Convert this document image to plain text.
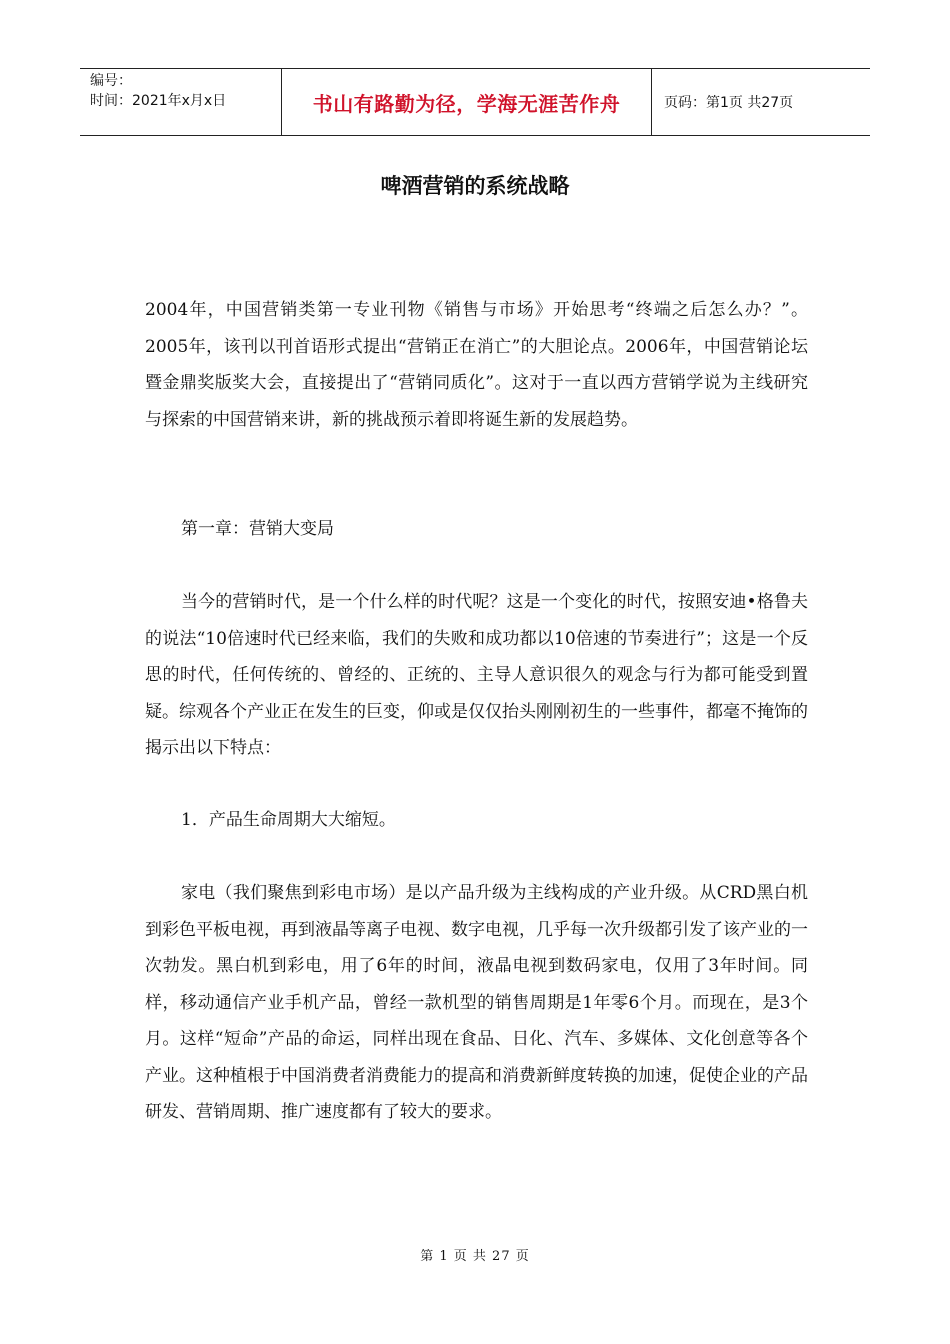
编号：
时间：2021年x月x日	书山有路勤为径，学海无涯苦作舟	页码：第1页 共27页
啤酒营销的系统战略

2004年，中国营销类第一专业刊物《销售与市场》开始思考“终端之后怎么办？”。2005年，该刊以刊首语形式提出“营销正在消亡”的大胆论点。2006年，中国营销论坛暨金鼎奖版奖大会，直接提出了“营销同质化”。这对于一直以西方营销学说为主线研究与探索的中国营销来讲，新的挑战预示着即将诞生新的发展趋势。

第一章：营销大变局

当今的营销时代，是一个什么样的时代呢？这是一个变化的时代，按照安迪•格鲁夫的说法“10倍速时代已经来临，我们的失败和成功都以10倍速的节奏进行”；这是一个反思的时代，任何传统的、曾经的、正统的、主导人意识很久的观念与行为都可能受到置疑。综观各个产业正在发生的巨变，仰或是仅仅抬头刚刚初生的一些事件，都毫不掩饰的揭示出以下特点：

1．产品生命周期大大缩短。

家电（我们聚焦到彩电市场）是以产品升级为主线构成的产业升级。从CRD黑白机到彩色平板电视，再到液晶等离子电视、数字电视，几乎每一次升级都引发了该产业的一次勃发。黑白机到彩电，用了6年的时间，液晶电视到数码家电，仅用了3年时间。同样，移动通信产业手机产品，曾经一款机型的销售周期是1年零6个月。而现在，是3个月。这样“短命”产品的命运，同样出现在食品、日化、汽车、多媒体、文化创意等各个产业。这种植根于中国消费者消费能力的提高和消费新鲜度转换的加速，促使企业的产品研发、营销周期、推广速度都有了较大的要求。

第 1 页 共 27 页
